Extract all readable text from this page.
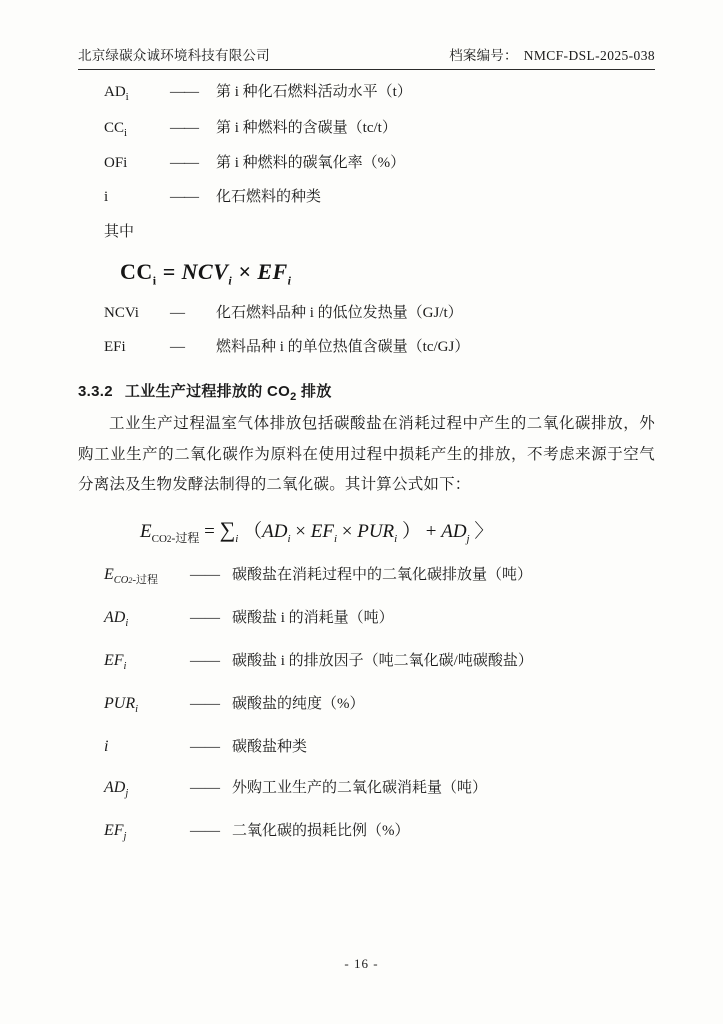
北京绿碳众诚环境科技有限公司	档案编号： NMCF-DSL-2025-038
$AD_i$	——	第 i 种化石燃料活动水平（t）
$CC_i$	——	第 i 种燃料的含碳量（tc/t）
OFi	——	第 i 种燃料的碳氧化率（%）
i	——	化石燃料的种类
其中
$CC_i = NCV_i \times EF_i$
NCVi	—	化石燃料品种 i 的低位发热量（GJ/t）
EFi	—	燃料品种 i 的单位热值含碳量（tc/GJ）
3.3.2 工业生产过程排放的 $CO_2$ 排放
工业生产过程温室气体排放包括碳酸盐在消耗过程中产生的二氧化碳排放，外购工业生产的二氧化碳作为原料在使用过程中损耗产生的排放，不考虑来源于空气分离法及生物发酵法制得的二氧化碳。其计算公式如下：
$E_{CO2-过程} = \sum_i$ （$AD_i \times EF_i \times PUR_i$ ） + $AD_j$ 〉
$E_{CO2-过程}$	—— 碳酸盐在消耗过程中的二氧化碳排放量（吨）
$AD_i$	—— 碳酸盐 i 的消耗量（吨）
$EF_i$	—— 碳酸盐 i 的排放因子（吨二氧化碳/吨碳酸盐）
$PUR_i$	—— 碳酸盐的纯度（%）
i	—— 碳酸盐种类
$AD_j$	—— 外购工业生产的二氧化碳消耗量（吨）
$EF_j$	—— 二氧化碳的损耗比例（%）
- 16 -
